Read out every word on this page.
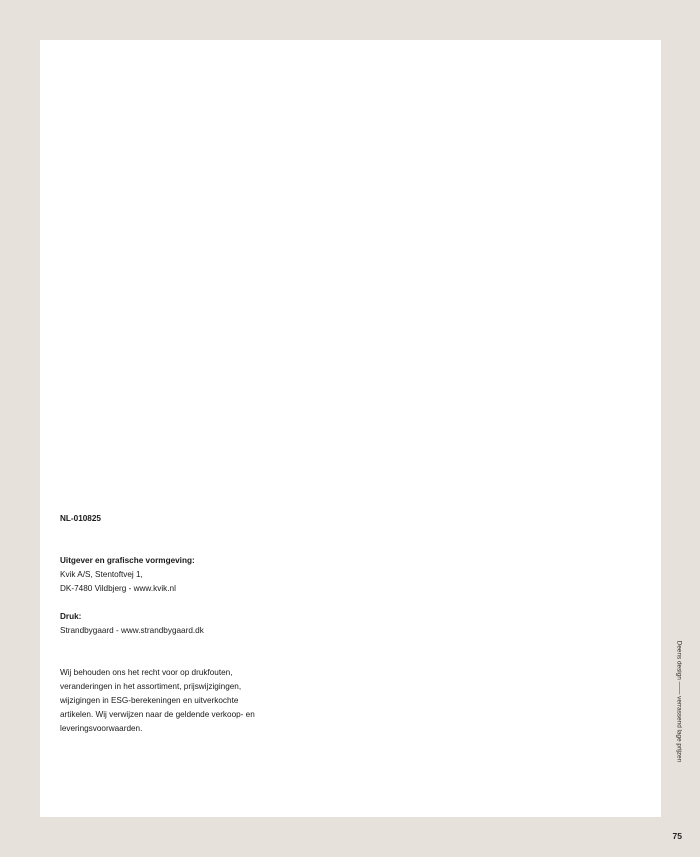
NL-010825

Uitgever en grafische vormgeving:
Kvik A/S, Stentoftvej 1,
DK-7480 Vildbjerg - www.kvik.nl
Druk:
Strandbygaard - www.strandbygaard.dk
Wij behouden ons het recht voor op drukfouten,
veranderingen in het assortiment, prijswijzigingen,
wijzigingen in ESG-berekeningen en uitverkochte
artikelen. Wij verwijzen naar de geldende verkoop- en
leveringsvoorwaarden.	Deens design —— verrassend lage prijzen
75
